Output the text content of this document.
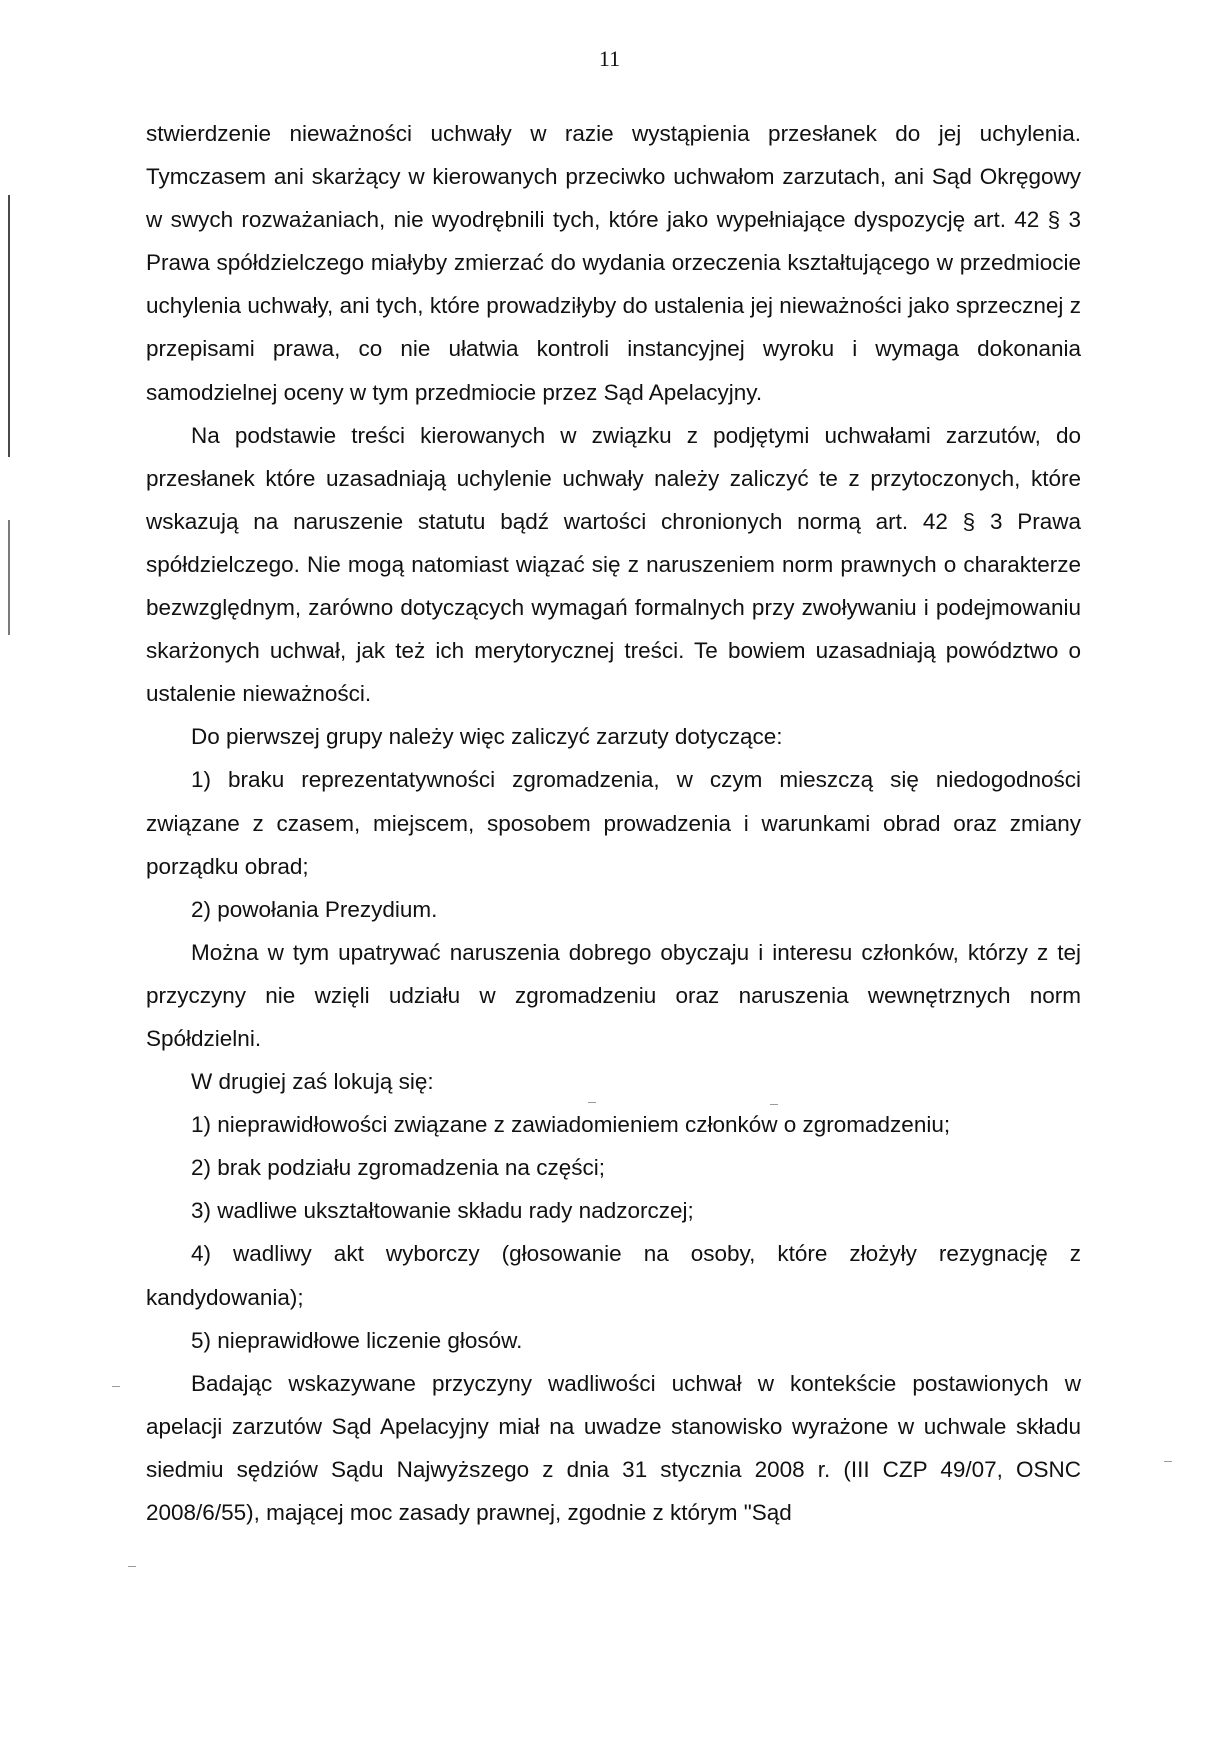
11

stwierdzenie nieważności uchwały w razie wystąpienia przesłanek do jej uchylenia. Tymczasem ani skarżący w kierowanych przeciwko uchwałom zarzutach, ani Sąd Okręgowy w swych rozważaniach, nie wyodrębnili tych, które jako wypełniające dyspozycję art. 42 § 3 Prawa spółdzielczego miałyby zmierzać do wydania orzeczenia kształtującego w przedmiocie uchylenia uchwały, ani tych, które prowadziłyby do ustalenia jej nieważności jako sprzecznej z przepisami prawa, co nie ułatwia kontroli instancyjnej wyroku i wymaga dokonania samodzielnej oceny w tym przedmiocie przez Sąd Apelacyjny.

Na podstawie treści kierowanych w związku z podjętymi uchwałami zarzutów, do przesłanek które uzasadniają uchylenie uchwały należy zaliczyć te z przytoczonych, które wskazują na naruszenie statutu bądź wartości chronionych normą art. 42 § 3 Prawa spółdzielczego. Nie mogą natomiast wiązać się z naruszeniem norm prawnych o charakterze bezwzględnym, zarówno dotyczących wymagań formalnych przy zwoływaniu i podejmowaniu skarżonych uchwał, jak też ich merytorycznej treści. Te bowiem uzasadniają powództwo o ustalenie nieważności.

Do pierwszej grupy należy więc zaliczyć zarzuty dotyczące:

1) braku reprezentatywności zgromadzenia, w czym mieszczą się niedogodności związane z czasem, miejscem, sposobem prowadzenia i warunkami obrad oraz zmiany porządku obrad;

2) powołania Prezydium.

Można w tym upatrywać naruszenia dobrego obyczaju i interesu członków, którzy z tej przyczyny nie wzięli udziału w zgromadzeniu oraz naruszenia wewnętrznych norm Spółdzielni.

W drugiej zaś lokują się:

1) nieprawidłowości związane z zawiadomieniem członków o zgromadzeniu;

2) brak podziału zgromadzenia na części;

3) wadliwe ukształtowanie składu rady nadzorczej;

4) wadliwy akt wyborczy (głosowanie na osoby, które złożyły rezygnację z kandydowania);

5) nieprawidłowe liczenie głosów.

Badając wskazywane przyczyny wadliwości uchwał w kontekście postawionych w apelacji zarzutów Sąd Apelacyjny miał na uwadze stanowisko wyrażone w uchwale składu siedmiu sędziów Sądu Najwyższego z dnia 31 stycznia 2008 r. (III CZP 49/07, OSNC 2008/6/55), mającej moc zasady prawnej, zgodnie z którym "Sąd
